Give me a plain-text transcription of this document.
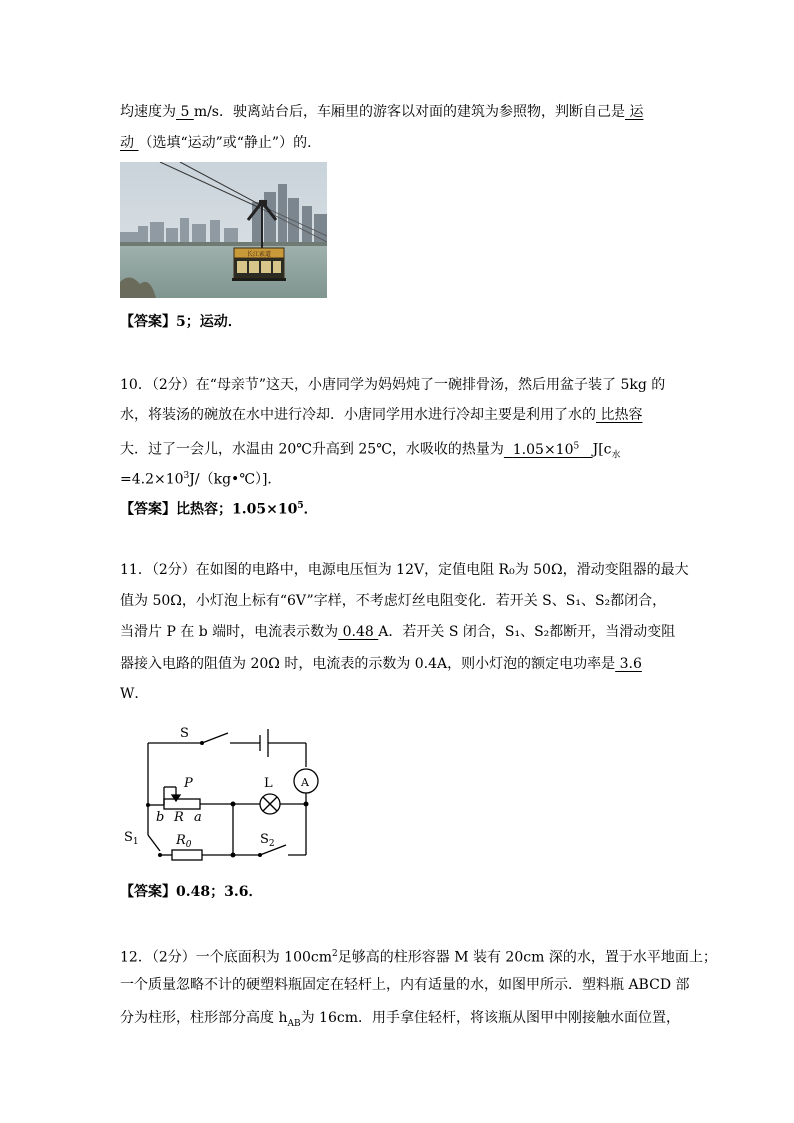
均速度为 5 m/s．驶离站台后，车厢里的游客以对面的建筑为参照物，判断自己是 运
动 （选填“运动”或“静止”）的．
长江索道
【答案】5；运动．
10．（2分）在“母亲节”这天，小唐同学为妈妈炖了一碗排骨汤，然后用盆子装了 5kg 的
水，将装汤的碗放在水中进行冷却．小唐同学用水进行冷却主要是利用了水的 比热容
大．过了一会儿，水温由 20℃升高到 25℃，水吸收的热量为 $1.05\times 10^5$ $J[c_水$
$=4.2\times 10^3J/(kg•℃)$]．
【答案】比热容；$1.05\times 10^5$．
11．（2分）在如图的电路中，电源电压恒为 12V，定值电阻 R₀为 50Ω，滑动变阻器的最大
值为 50Ω，小灯泡上标有“6V”字样，不考虑灯丝电阻变化．若开关 S、S₁、S₂都闭合，
当滑片 P 在 b 端时，电流表示数为 0.48 A．若开关 S 闭合，S₁、S₂都断开，当滑动变阻
器接入电路的阻值为 20Ω 时，电流表的示数为 0.4A，则小灯泡的额定电功率是 3.6
W．
S
P	L	A
b R a
$S_1$	$R_0$	$S_2$
【答案】0.48；3.6．
12．（2分）一个底面积为 $100cm^2$足够高的柱形容器 M 装有 20cm 深的水，置于水平地面上；
一个质量忽略不计的硬塑料瓶固定在轻杆上，内有适量的水，如图甲所示．塑料瓶 ABCD 部
分为柱形，柱形部分高度 $h_{AB}$为 16cm．用手拿住轻杆，将该瓶从图甲中刚接触水面位置，
